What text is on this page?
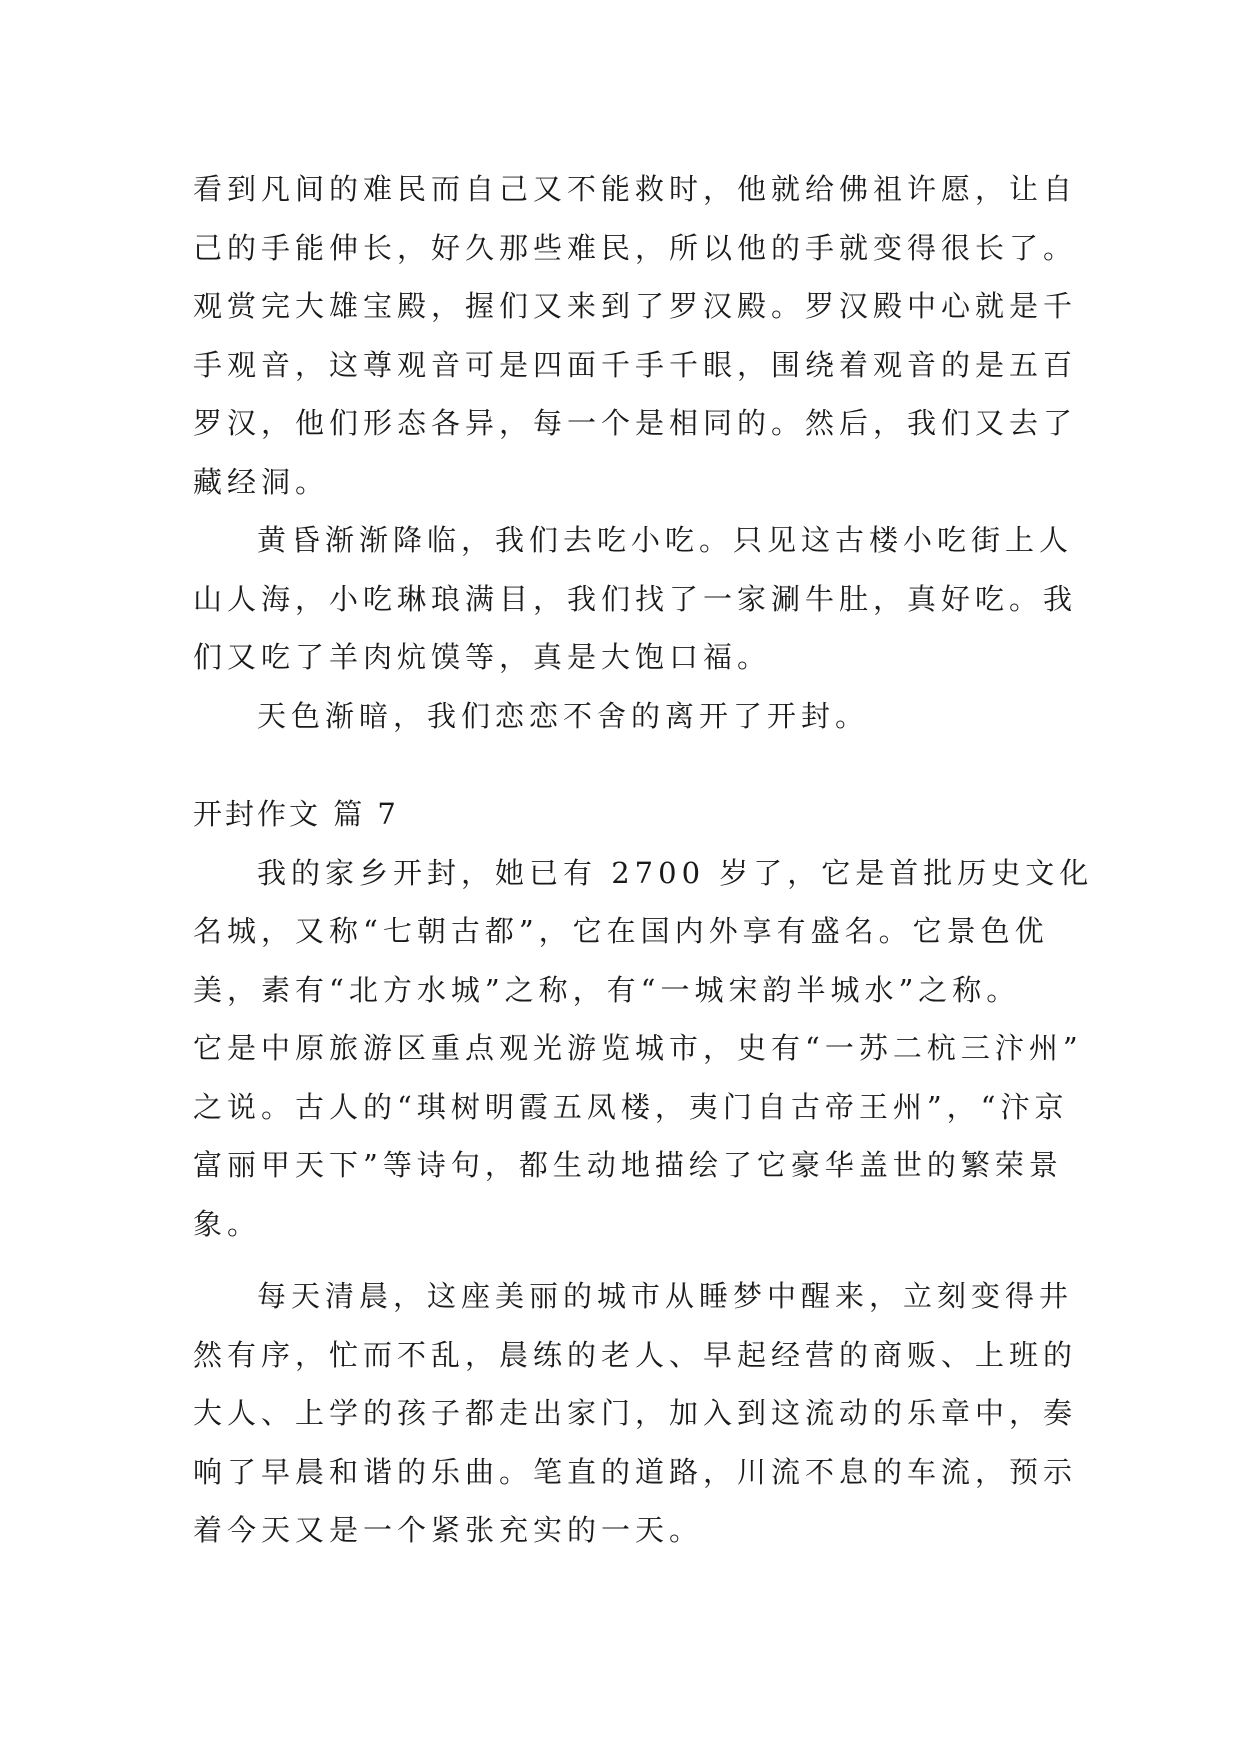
看到凡间的难民而自己又不能救时，他就给佛祖许愿，让自
己的手能伸长，好久那些难民，所以他的手就变得很长了。
观赏完大雄宝殿，握们又来到了罗汉殿。罗汉殿中心就是千
手观音，这尊观音可是四面千手千眼，围绕着观音的是五百
罗汉，他们形态各异，每一个是相同的。然后，我们又去了
藏经洞。
黄昏渐渐降临，我们去吃小吃。只见这古楼小吃街上人
山人海，小吃琳琅满目，我们找了一家涮牛肚，真好吃。我
们又吃了羊肉炕馍等，真是大饱口福。
天色渐暗，我们恋恋不舍的离开了开封。
开封作文 篇 7
我的家乡开封，她已有 2700 岁了，它是首批历史文化
名城，又称“七朝古都”，它在国内外享有盛名。它景色优
美，素有“北方水城”之称，有“一城宋韵半城水”之称。
它是中原旅游区重点观光游览城市，史有“一苏二杭三汴州”
之说。古人的“琪树明霞五凤楼，夷门自古帝王州”，“汴京
富丽甲天下”等诗句，都生动地描绘了它豪华盖世的繁荣景
象。
每天清晨，这座美丽的城市从睡梦中醒来，立刻变得井
然有序，忙而不乱，晨练的老人、早起经营的商贩、上班的
大人、上学的孩子都走出家门，加入到这流动的乐章中，奏
响了早晨和谐的乐曲。笔直的道路，川流不息的车流，预示
着今天又是一个紧张充实的一天。
